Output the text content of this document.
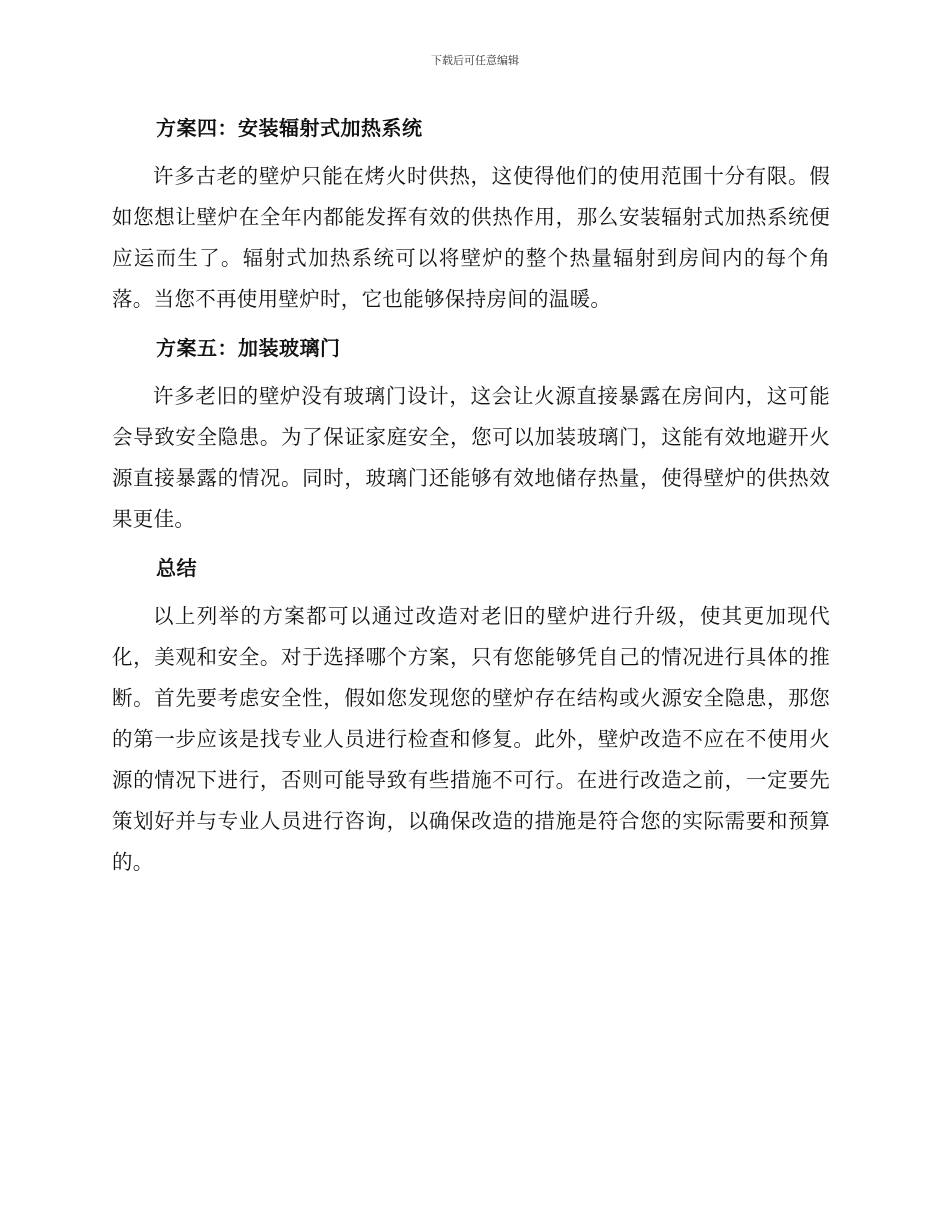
下载后可任意编辑
方案四：安装辐射式加热系统

许多古老的壁炉只能在烤火时供热，这使得他们的使用范围十分有限。假如您想让壁炉在全年内都能发挥有效的供热作用，那么安装辐射式加热系统便应运而生了。辐射式加热系统可以将壁炉的整个热量辐射到房间内的每个角落。当您不再使用壁炉时，它也能够保持房间的温暖。

方案五：加装玻璃门

许多老旧的壁炉没有玻璃门设计，这会让火源直接暴露在房间内，这可能会导致安全隐患。为了保证家庭安全，您可以加装玻璃门，这能有效地避开火源直接暴露的情况。同时，玻璃门还能够有效地储存热量，使得壁炉的供热效果更佳。

总结

以上列举的方案都可以通过改造对老旧的壁炉进行升级，使其更加现代化，美观和安全。对于选择哪个方案，只有您能够凭自己的情况进行具体的推断。首先要考虑安全性，假如您发现您的壁炉存在结构或火源安全隐患，那您的第一步应该是找专业人员进行检查和修复。此外，壁炉改造不应在不使用火源的情况下进行，否则可能导致有些措施不可行。在进行改造之前，一定要先策划好并与专业人员进行咨询，以确保改造的措施是符合您的实际需要和预算的。
